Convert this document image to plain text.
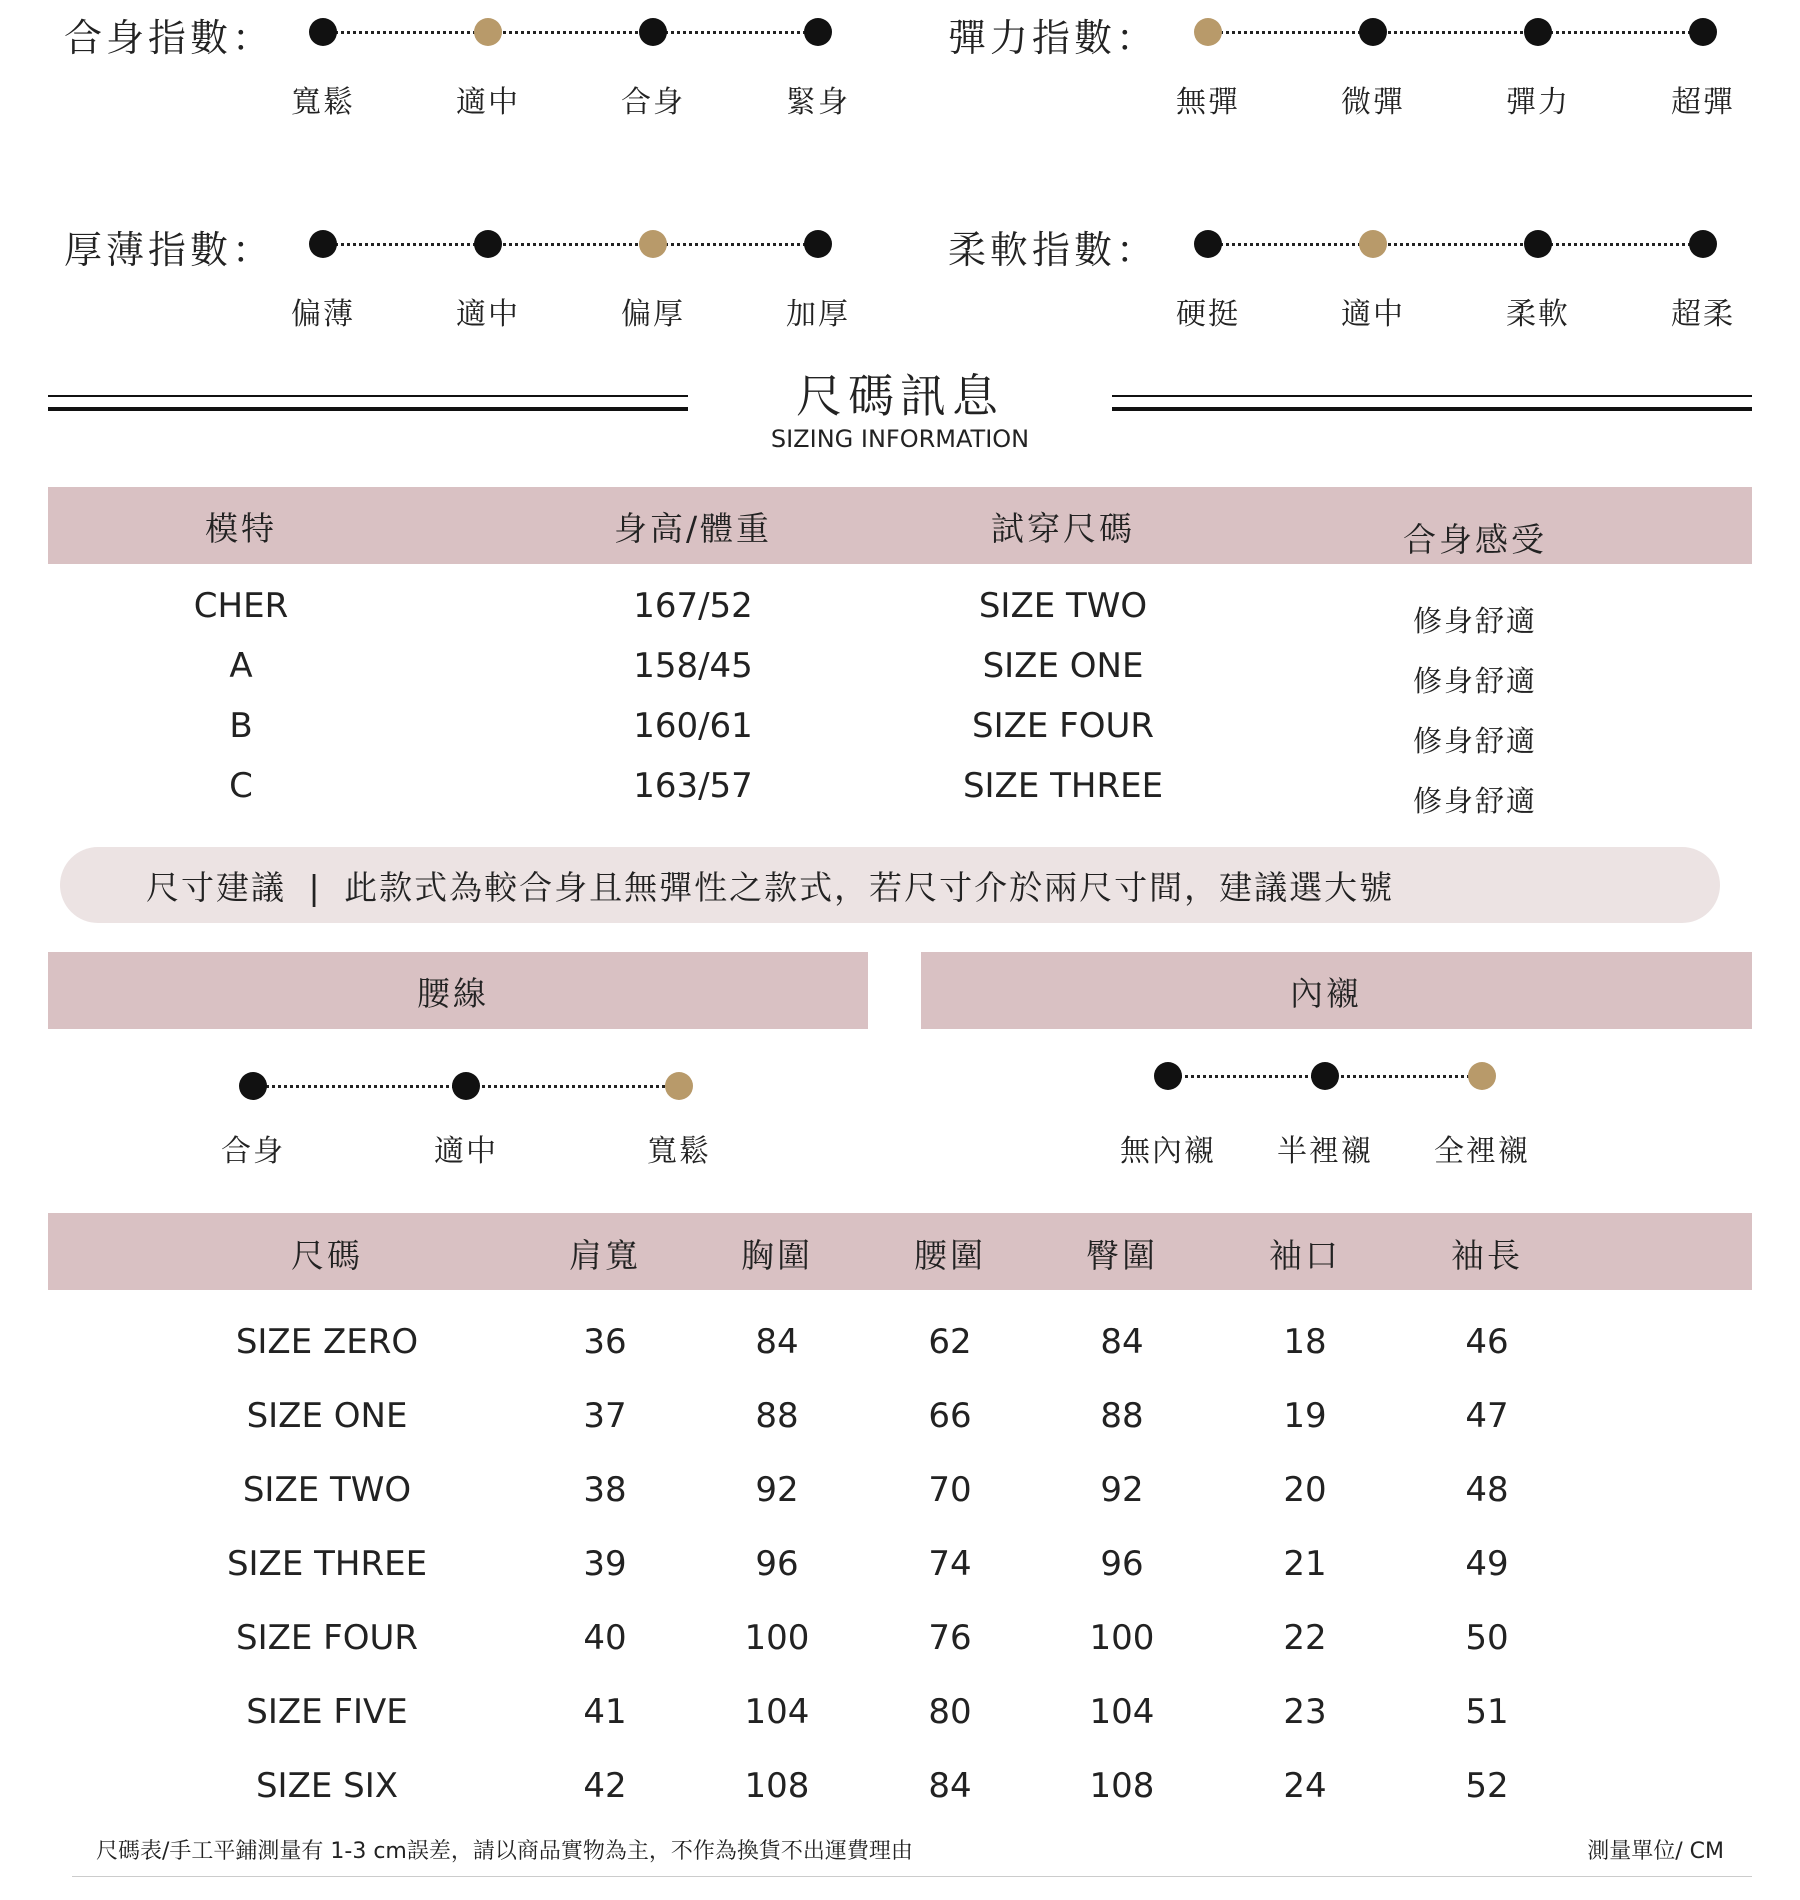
合身指數：
寬鬆	適中	合身	緊身
彈力指數：
無彈	微彈	彈力	超彈
厚薄指數：
偏薄	適中	偏厚	加厚
柔軟指數：
硬挺	適中	柔軟	超柔
尺碼訊息
SIZING INFORMATION
模特	身高/體重	試穿尺碼	合身感受
CHER	167/52	SIZE TWO	修身舒適
A	158/45	SIZE ONE	修身舒適
B	160/61	SIZE FOUR	修身舒適
C	163/57	SIZE THREE	修身舒適
尺寸建議 | 此款式為較合身且無彈性之款式，若尺寸介於兩尺寸間，建議選大號
腰線	內襯
合身	適中	寬鬆	無內襯 半裡襯 全裡襯
尺碼	肩寬	胸圍	腰圍	臀圍	袖口	袖長
SIZE ZERO	36	84	62	84	18	46
SIZE ONE	37	88	66	88	19	47
SIZE TWO	38	92	70	92	20	48
SIZE THREE	39	96	74	96	21	49
SIZE FOUR	40	100	76	100	22	50
SIZE FIVE	41	104	80	104	23	51
SIZE SIX	42	108	84	108	24	52
尺碼表/手工平鋪測量有 1-3 cm誤差，請以商品實物為主，不作為換貨不出運費理由	測量單位/ CM
